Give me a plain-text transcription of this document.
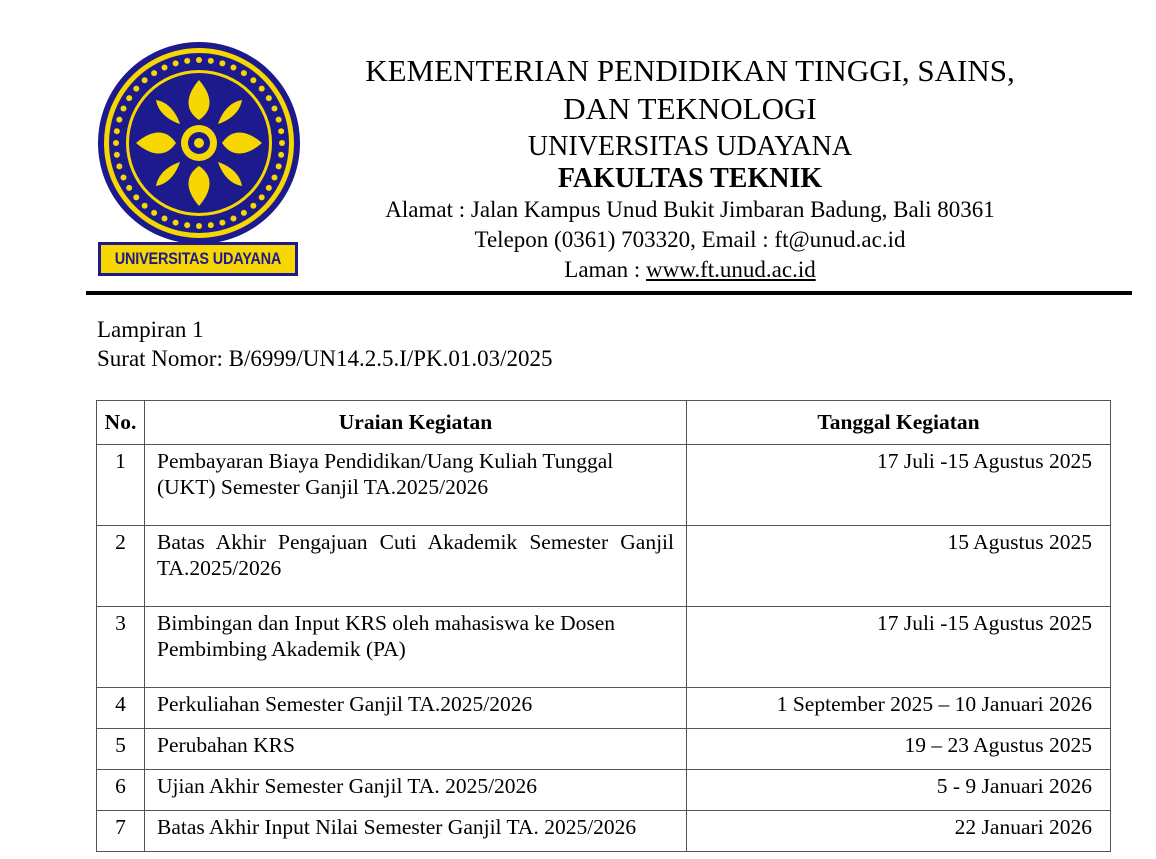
UNIVERSITAS UDAYANA
KEMENTERIAN PENDIDIKAN TINGGI, SAINS,
DAN TEKNOLOGI
UNIVERSITAS UDAYANA
FAKULTAS TEKNIK
Alamat : Jalan Kampus Unud Bukit Jimbaran Badung, Bali 80361
Telepon (0361) 703320, Email : ft@unud.ac.id
Laman : www.ft.unud.ac.id
Lampiran 1
Surat Nomor: B/6999/UN14.2.5.I/PK.01.03/2025
No.	Uraian Kegiatan	Tanggal Kegiatan
1	Pembayaran Biaya Pendidikan/Uang Kuliah Tunggal (UKT) Semester Ganjil TA.2025/2026	17 Juli -15 Agustus 2025
2	Batas Akhir Pengajuan Cuti Akademik Semester Ganjil TA.2025/2026	15 Agustus 2025
3	Bimbingan dan Input KRS oleh mahasiswa ke Dosen Pembimbing Akademik (PA)	17 Juli -15 Agustus 2025
4	Perkuliahan Semester Ganjil TA.2025/2026	1 September 2025 – 10 Januari 2026
5	Perubahan KRS	19 – 23 Agustus 2025
6	Ujian Akhir Semester Ganjil TA. 2025/2026	5 - 9 Januari 2026
7	Batas Akhir Input Nilai Semester Ganjil TA. 2025/2026	22 Januari 2026
